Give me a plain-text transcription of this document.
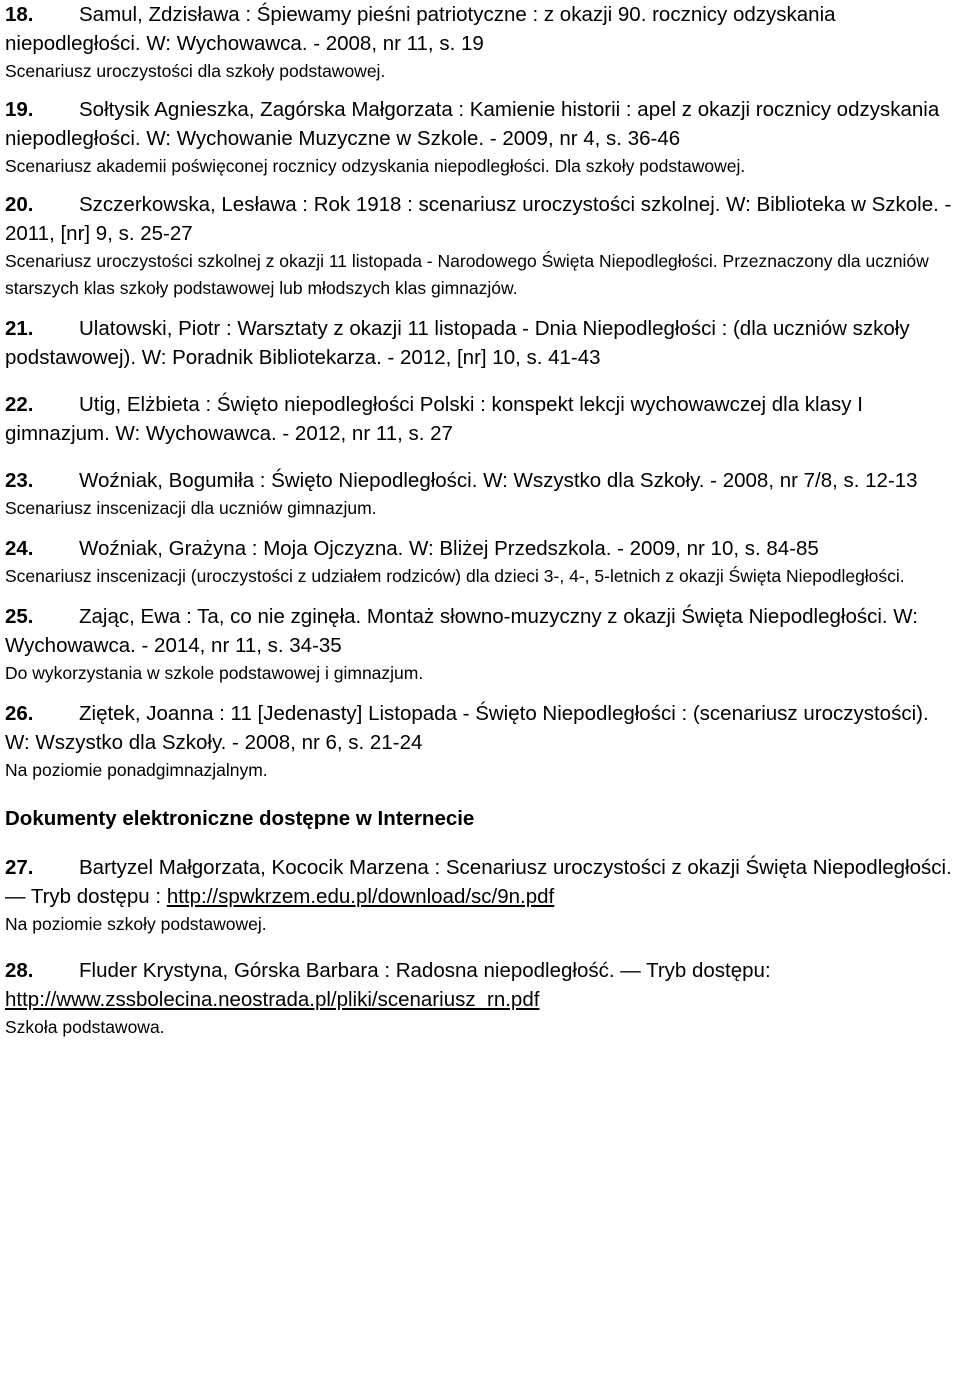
18. Samul, Zdzisława : Śpiewamy pieśni patriotyczne : z okazji 90. rocznicy odzyskania niepodległości. W: Wychowawca. - 2008, nr 11, s. 19
Scenariusz uroczystości dla szkoły podstawowej.
19. Sołtysik Agnieszka, Zagórska Małgorzata : Kamienie historii : apel z okazji rocznicy odzyskania niepodległości. W: Wychowanie Muzyczne w Szkole. - 2009, nr 4, s. 36-46
Scenariusz akademii poświęconej rocznicy odzyskania niepodległości. Dla szkoły podstawowej.
20. Szczerkowska, Lesława : Rok 1918 : scenariusz uroczystości szkolnej. W: Biblioteka w Szkole. - 2011, [nr] 9, s. 25-27
Scenariusz uroczystości szkolnej z okazji 11 listopada - Narodowego Święta Niepodległości. Przeznaczony dla uczniów starszych klas szkoły podstawowej lub młodszych klas gimnazjów.
21. Ulatowski, Piotr : Warsztaty z okazji 11 listopada - Dnia Niepodległości : (dla uczniów szkoły podstawowej). W: Poradnik Bibliotekarza. - 2012, [nr] 10, s. 41-43
22. Utig, Elżbieta : Święto niepodległości Polski : konspekt lekcji wychowawczej dla klasy I gimnazjum. W: Wychowawca. - 2012, nr 11, s. 27
23. Woźniak, Bogumiła : Święto Niepodległości. W: Wszystko dla Szkoły. - 2008, nr 7/8, s. 12-13
Scenariusz inscenizacji dla uczniów gimnazjum.
24. Woźniak, Grażyna : Moja Ojczyzna. W: Bliżej Przedszkola. - 2009, nr 10, s. 84-85
Scenariusz inscenizacji (uroczystości z udziałem rodziców) dla dzieci 3-, 4-, 5-letnich z okazji Święta Niepodległości.
25. Zając, Ewa : Ta, co nie zginęła. Montaż słowno-muzyczny z okazji Święta Niepodległości. W: Wychowawca. - 2014, nr 11, s. 34-35
Do wykorzystania w szkole podstawowej i gimnazjum.
26. Ziętek, Joanna : 11 [Jedenasty] Listopada - Święto Niepodległości : (scenariusz uroczystości). W: Wszystko dla Szkoły. - 2008, nr 6, s. 21-24
Na poziomie ponadgimnazjalnym.
Dokumenty elektroniczne dostępne w Internecie
27. Bartyzel Małgorzata, Kococik Marzena : Scenariusz uroczystości z okazji Święta Niepodległości. — Tryb dostępu : http://spwkrzem.edu.pl/download/sc/9n.pdf
Na poziomie szkoły podstawowej.
28. Fluder Krystyna, Górska Barbara : Radosna niepodległość. — Tryb dostępu: http://www.zssbolecina.neostrada.pl/pliki/scenariusz_rn.pdf
Szkoła podstawowa.
